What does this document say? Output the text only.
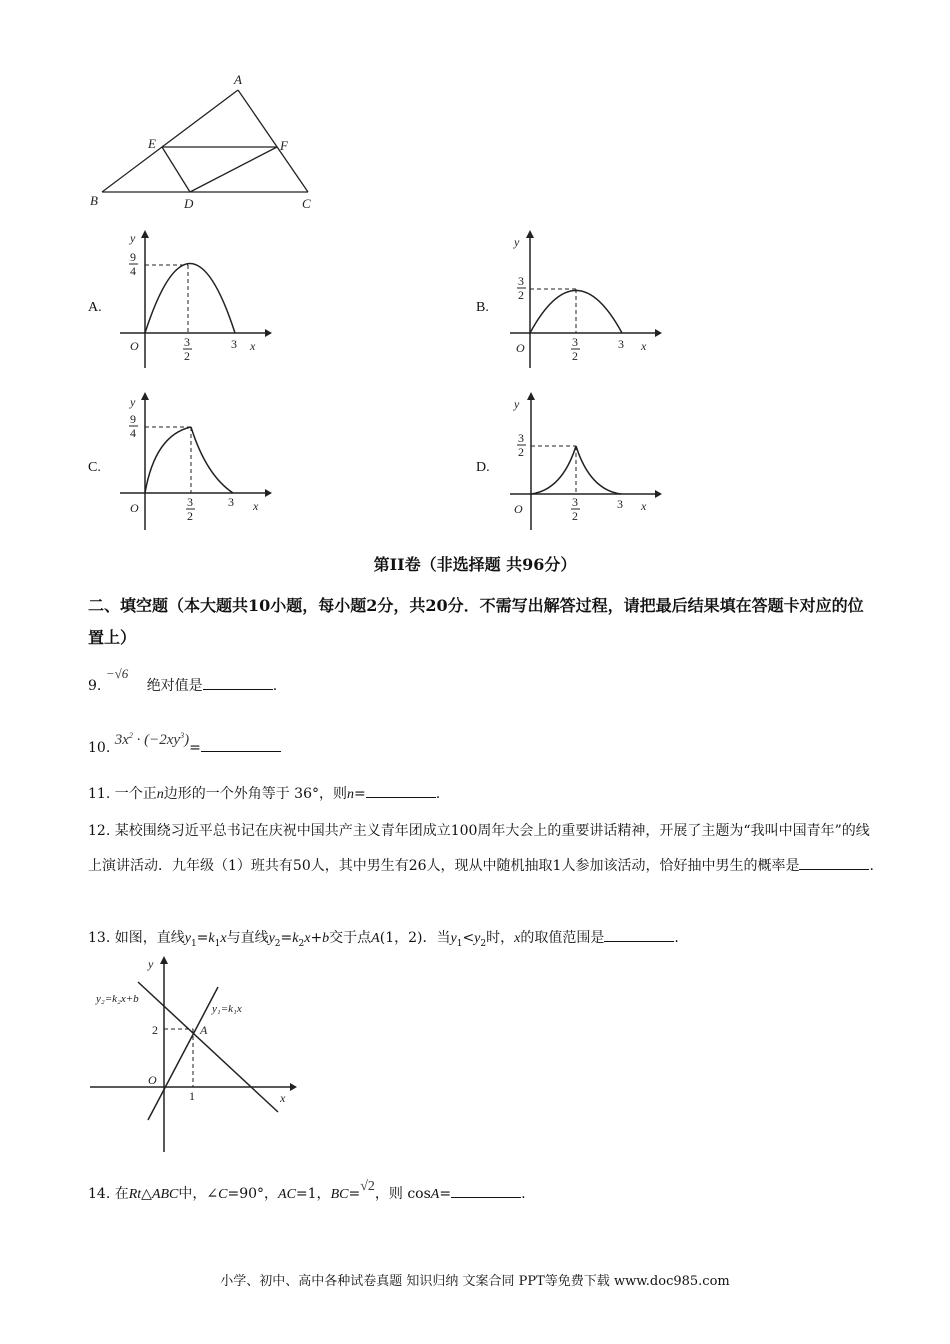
A
B	C
D
E	F
A.
y
x
O
9
4
3
2
3
B.
y
x
O
3
2
3
2
3
C.
y
x
O
9
4
3
2
3
D.
y
x
O
3
2
3
2
3
第II卷（非选择题 共96分）
二、填空题（本大题共10小题，每小题2分，共20分．不需写出解答过程，请把最后结果填在答题卡对应的位置上）
9. −√6 绝对值是	.
10. $3x^2 \cdot (-2xy^3)=$
11. 一个正n边形的一个外角等于 36°，则n=	.
12. 某校围绕习近平总书记在庆祝中国共产主义青年团成立100周年大会上的重要讲话精神，开展了主题为“我叫中国青年”的线上演讲活动．九年级（1）班共有50人，其中男生有26人，现从中随机抽取1人参加该活动，恰好抽中男生的概率是	.
13. 如图，直线$y_1=k_1x$与直线$y_2=k_2x+b$交于点A(1，2)．当$y_1<y_2$时，x的取值范围是	.
y
x
O
2
1
A
y₂=k₂x+b
y₁=k₁x
14. 在Rt△ABC中，∠C=90°，AC=1，BC=√2，则 cosA=	.
小学、初中、高中各种试卷真题 知识归纳 文案合同 PPT等免费下载 www.doc985.com
